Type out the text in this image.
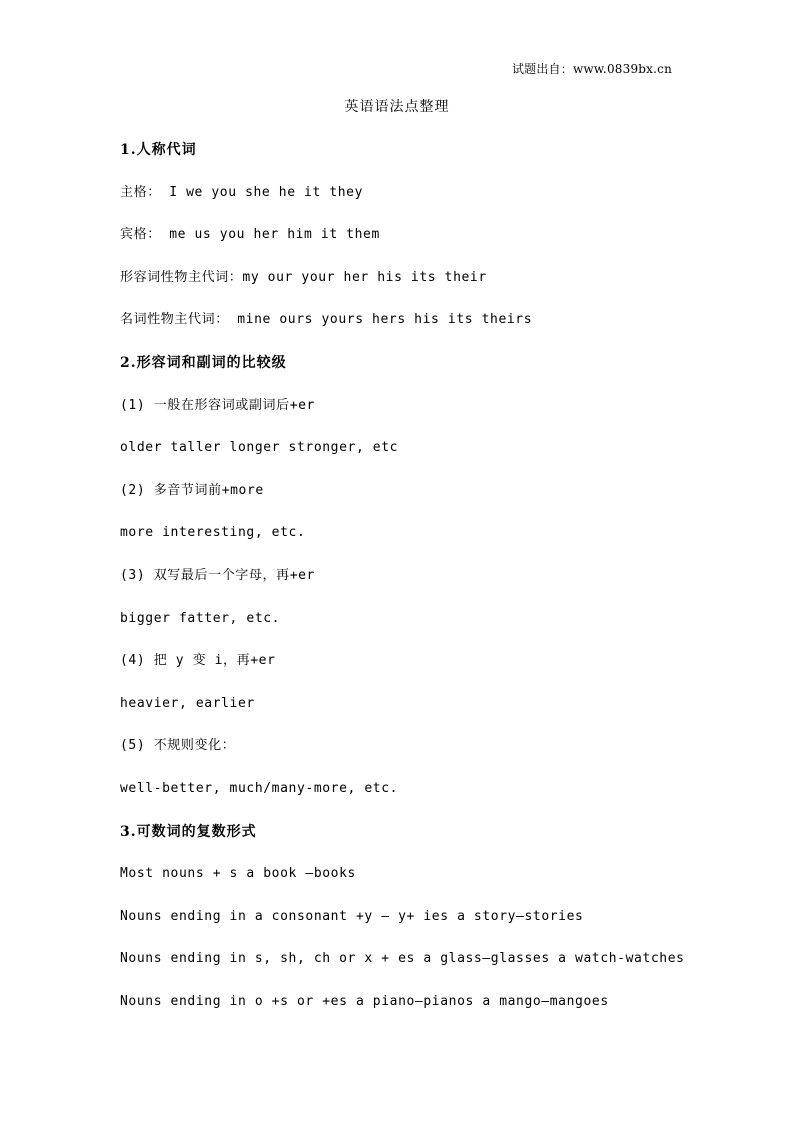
试题出自：www.0839bx.cn
英语语法点整理
1.人称代词
主格： I we you she he it they
宾格： me us you her him it them
形容词性物主代词：my our your her his its their
名词性物主代词： mine ours yours hers his its theirs
2.形容词和副词的比较级
(1) 一般在形容词或副词后+er
older taller longer stronger, etc
(2) 多音节词前+more
more interesting, etc.
(3) 双写最后一个字母，再+er
bigger fatter, etc.
(4) 把 y 变 i，再+er
heavier, earlier
(5) 不规则变化：
well-better, much/many-more, etc.
3.可数词的复数形式
Most nouns + s a book –books
Nouns ending in a consonant +y – y+ ies a story—stories
Nouns ending in s, sh, ch or x + es a glass—glasses a watch-watches
Nouns ending in o +s or +es a piano—pianos a mango—mangoes
